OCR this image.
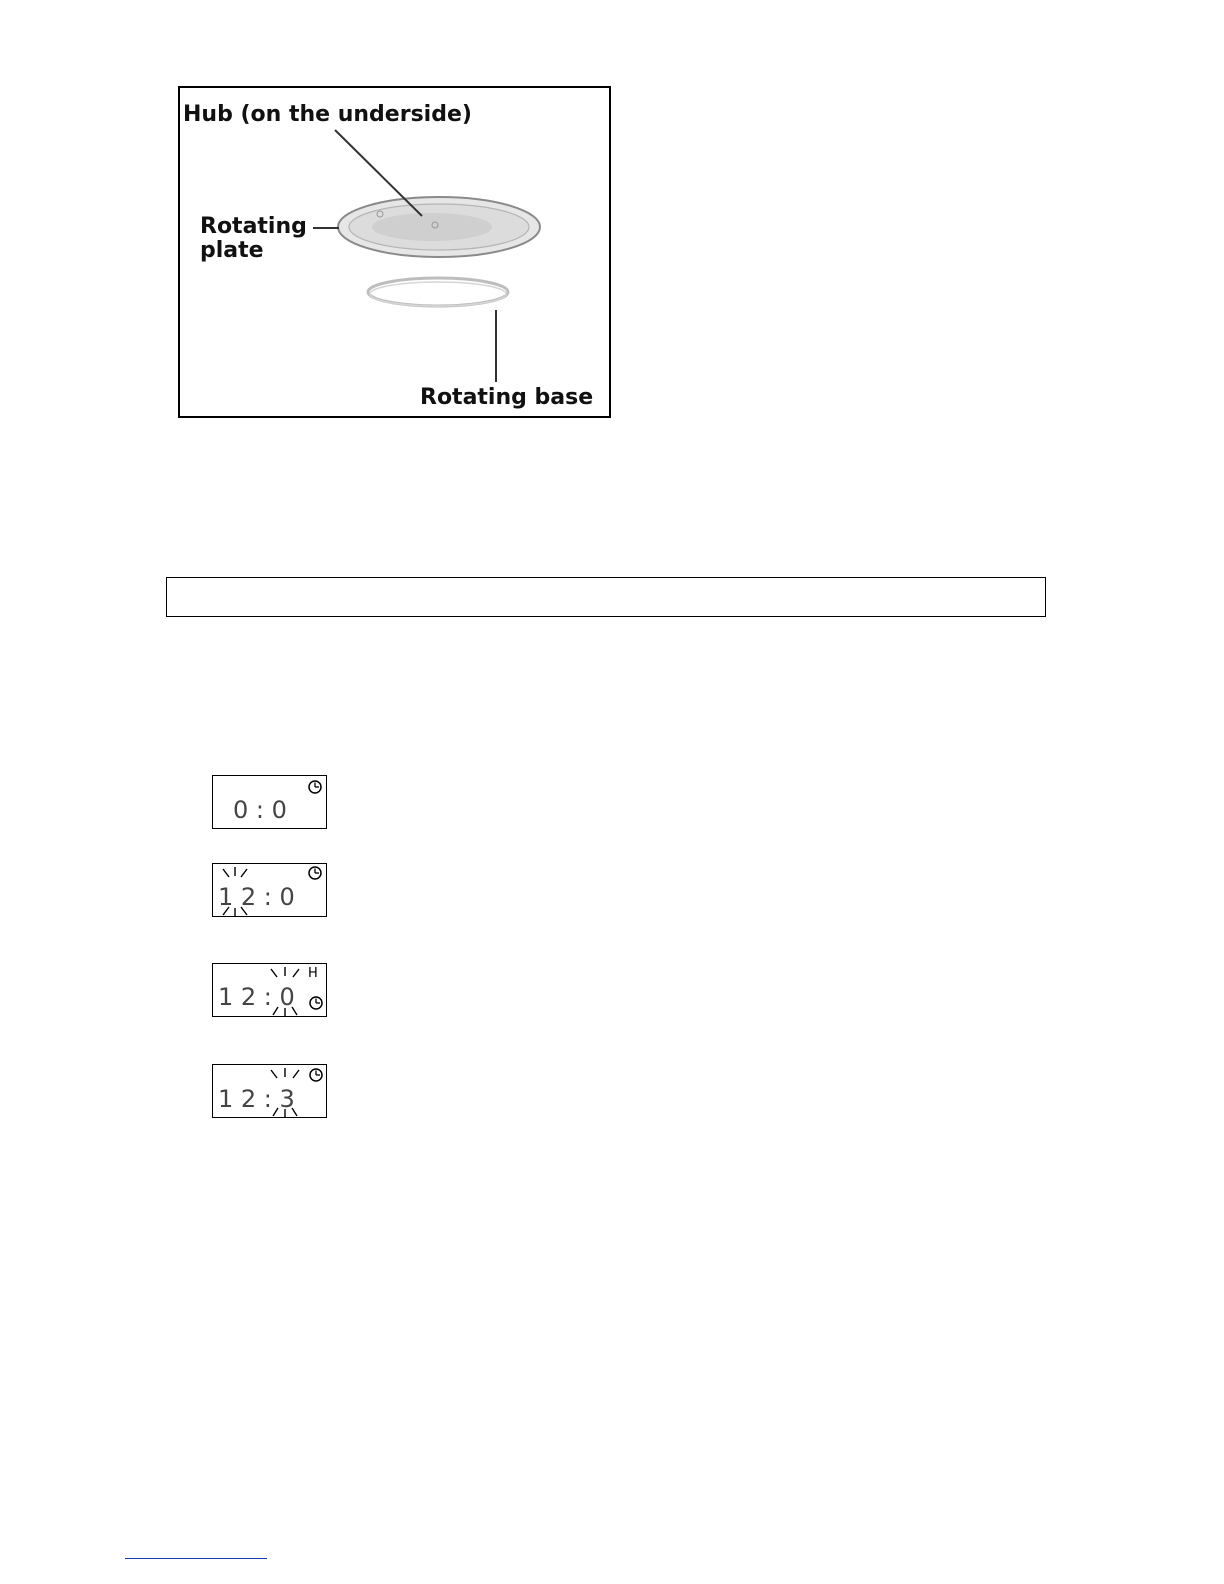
Hub (on the underside)
Rotating
plate
Rotating base
0 : 0
1 2 : 0
H
1 2 : 0
1 2 : 3
